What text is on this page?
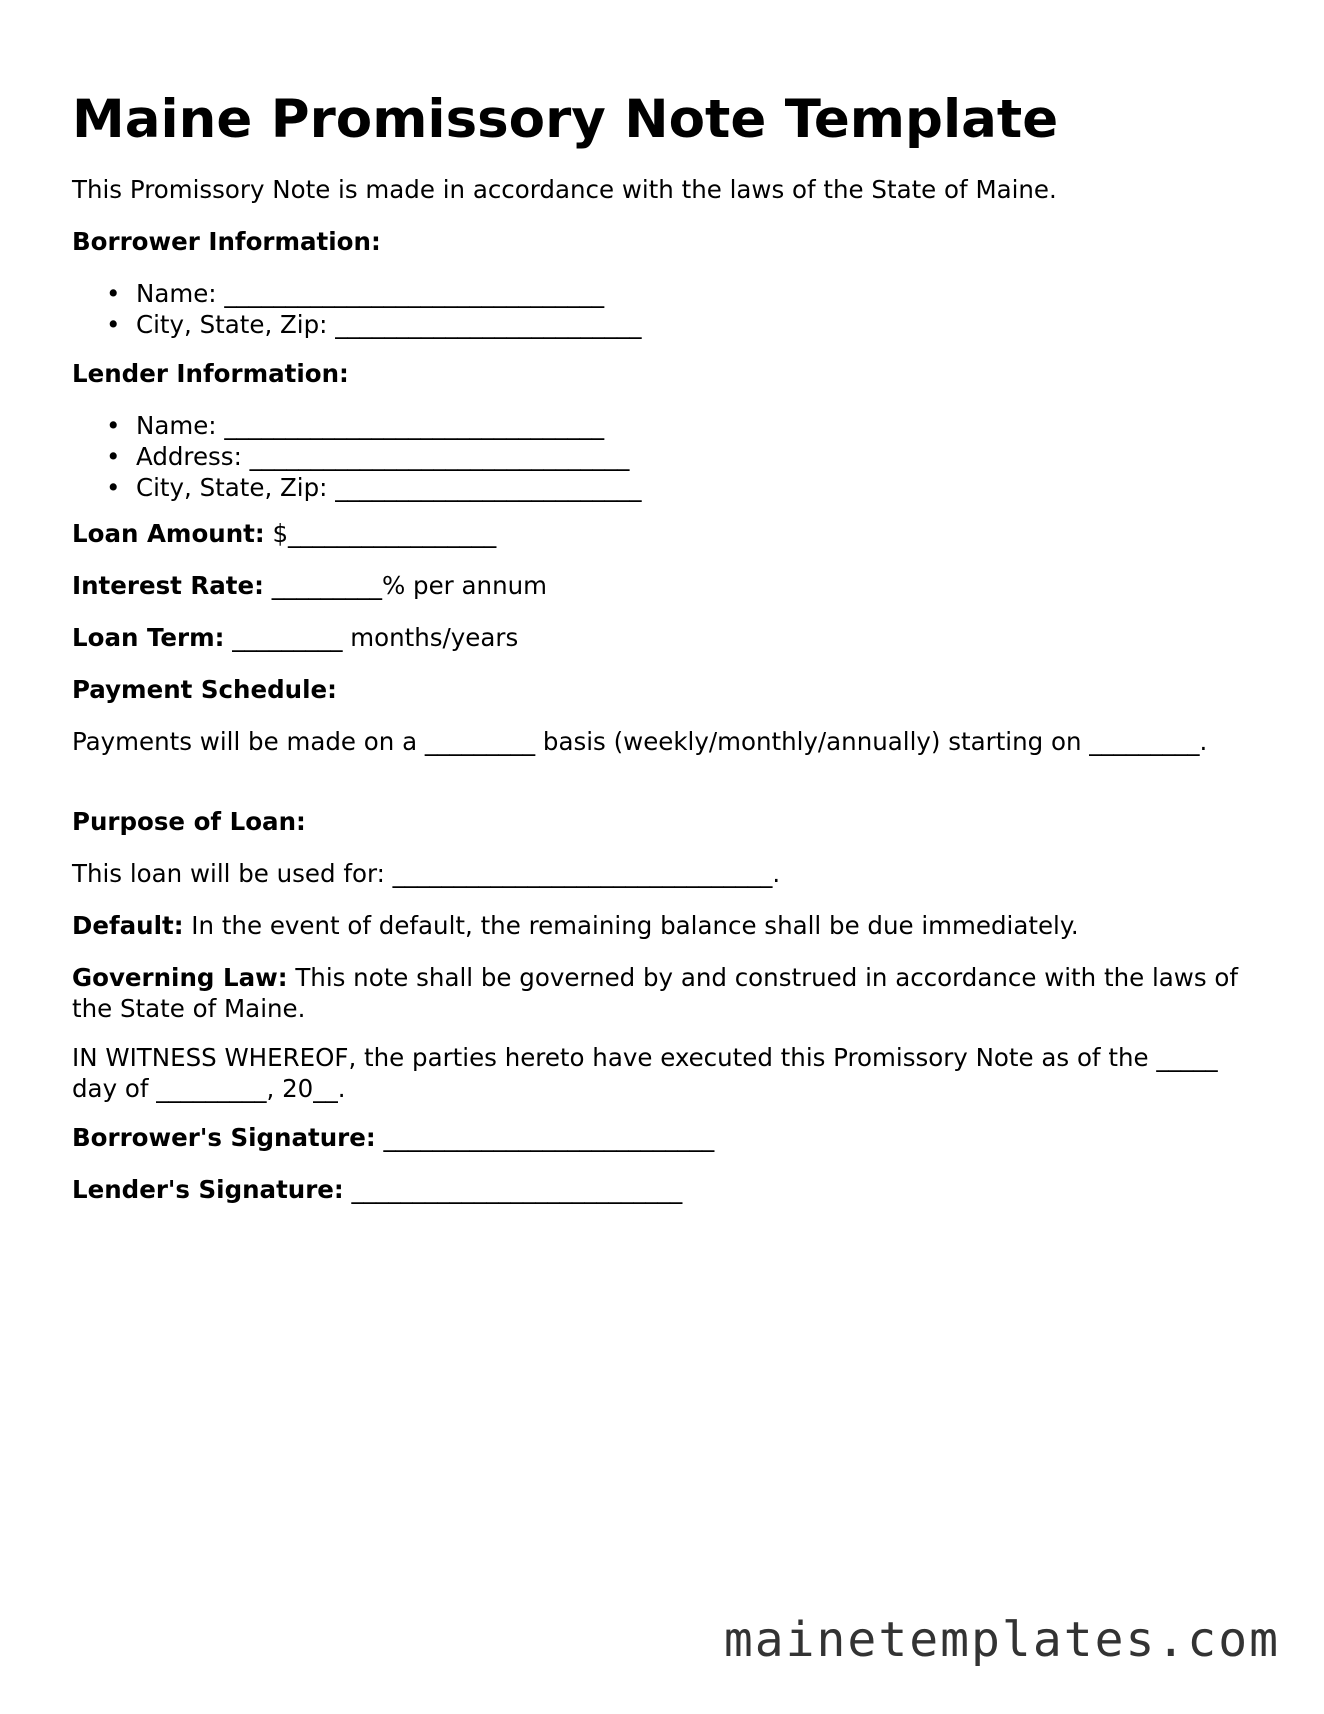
Maine Promissory Note Template

This Promissory Note is made in accordance with the laws of the State of Maine.

Borrower Information:

• Name: _______________________________
• City, State, Zip: _________________________

Lender Information:

• Name: _______________________________
• Address: _______________________________
• City, State, Zip: _________________________

Loan Amount: $_________________

Interest Rate: _________% per annum

Loan Term: _________ months/years

Payment Schedule:

Payments will be made on a _________ basis (weekly/monthly/annually) starting on _________.

Purpose of Loan:

This loan will be used for: _______________________________.

Default: In the event of default, the remaining balance shall be due immediately.

Governing Law: This note shall be governed by and construed in accordance with the laws of the State of Maine.

IN WITNESS WHEREOF, the parties hereto have executed this Promissory Note as of the _____ day of _________, 20__.

Borrower's Signature: ___________________________

Lender's Signature: ___________________________

mainetemplates.com
